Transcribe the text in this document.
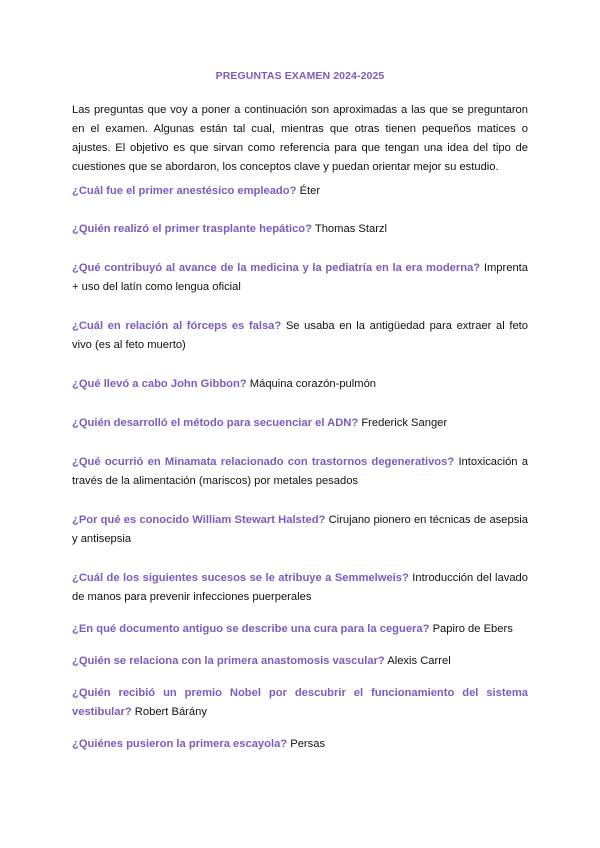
PREGUNTAS EXAMEN 2024-2025

Las preguntas que voy a poner a continuación son aproximadas a las que se preguntaron en el examen. Algunas están tal cual, mientras que otras tienen pequeños matices o ajustes. El objetivo es que sirvan como referencia para que tengan una idea del tipo de cuestiones que se abordaron, los conceptos clave y puedan orientar mejor su estudio.

¿Cuál fue el primer anestésico empleado? Éter

¿Quién realizó el primer trasplante hepático? Thomas Starzl

¿Qué contribuyó al avance de la medicina y la pediatría en la era moderna? Imprenta + uso del latín como lengua oficial

¿Cuál en relación al fórceps es falsa? Se usaba en la antigüedad para extraer al feto vivo (es al feto muerto)

¿Qué llevó a cabo John Gibbon? Máquina corazón-pulmón

¿Quién desarrolló el método para secuenciar el ADN? Frederick Sanger

¿Qué ocurrió en Minamata relacionado con trastornos degenerativos? Intoxicación a través de la alimentación (mariscos) por metales pesados

¿Por qué es conocido William Stewart Halsted? Cirujano pionero en técnicas de asepsia y antisepsia

¿Cuál de los siguientes sucesos se le atribuye a Semmelweis? Introducción del lavado de manos para prevenir infecciones puerperales

¿En qué documento antiguo se describe una cura para la ceguera? Papiro de Ebers

¿Quién se relaciona con la primera anastomosis vascular? Alexis Carrel

¿Quién recibió un premio Nobel por descubrir el funcionamiento del sistema vestibular? Robert Bárány

¿Quiénes pusieron la primera escayola? Persas
